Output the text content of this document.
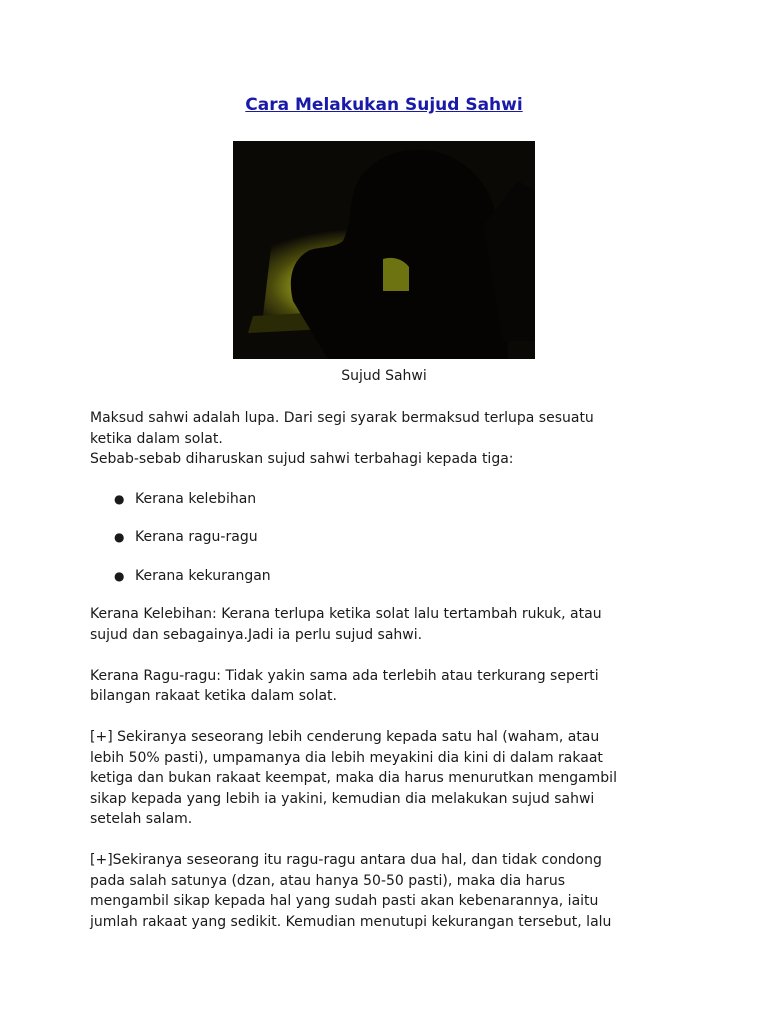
Cara Melakukan Sujud Sahwi
Sujud Sahwi

Maksud sahwi adalah lupa. Dari segi syarak bermaksud terlupa sesuatu

ketika dalam solat.

Sebab-sebab diharuskan sujud sahwi terbahagi kepada tiga:

● Kerana kelebihan
● Kerana ragu-ragu
● Kerana kekurangan

Kerana Kelebihan: Kerana terlupa ketika solat lalu tertambah rukuk, atau

sujud dan sebagainya.Jadi ia perlu sujud sahwi.

Kerana Ragu-ragu: Tidak yakin sama ada terlebih atau terkurang seperti

bilangan rakaat ketika dalam solat.

[+] Sekiranya seseorang lebih cenderung kepada satu hal (waham, atau

lebih 50% pasti), umpamanya dia lebih meyakini dia kini di dalam rakaat

ketiga dan bukan rakaat keempat, maka dia harus menurutkan mengambil

sikap kepada yang lebih ia yakini, kemudian dia melakukan sujud sahwi

setelah salam.

[+]Sekiranya seseorang itu ragu-ragu antara dua hal, dan tidak condong

pada salah satunya (dzan, atau hanya 50-50 pasti), maka dia harus

mengambil sikap kepada hal yang sudah pasti akan kebenarannya, iaitu

jumlah rakaat yang sedikit. Kemudian menutupi kekurangan tersebut, lalu
